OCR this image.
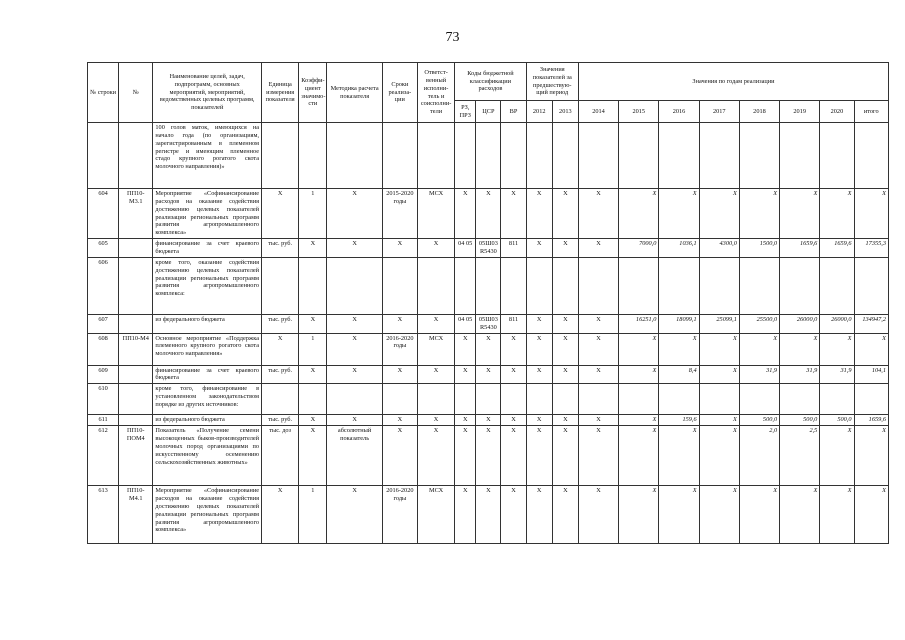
73
№ строки	№	Наименование целей, задач, подпрограмм, основных мероприятий, мероприятий, ведомственных целевых программ, показателей	Единица измерения показателя	Коэффи-циент значимо-сти	Методика расчета показателя	Сроки реализа-ции	Ответст-венный исполни-тель и соисполни-тели	Коды бюджетной классификации расходов			Значения показателей за предшествую-щий период		Значения по годам реализации							
								РЗ, ПРЗ	ЦСР	ВР	2012	2013	2014	2015	2016	2017	2018	2019	2020	итого
		100 голов маток, имеющихся на начало года (по организациям, зарегистрированным в племенном регистре и имеющим племенное стадо крупного рогатого скота молочного направления)»																		
604	ПП10-М3.1	Мероприятие «Софинансирование расходов на оказание содействия достижению целевых показателей реализации региональных программ развития агропромышленного комплекса»	X	1	X	2015-2020 годы	МСХ	X	X	X	X	X	X	X	X	X	X	X	X	X
605		финансирование за счет краевого бюджета	тыс. руб.	X	X	X	X	04 05	05Ш03 R5430	811	X	X	X	7000,0	1036,1	4300,0	1500,0	1659,6	1659,6	17355,3
606		кроме того, оказание содействия достижению целевых показателей реализации региональных программ развития агропромышленного комплекса:																		
607		из федерального бюджета	тыс. руб.	X	X	X	X	04 05	05Ш03 R5430	811	X	X	X	16251,0	18099,1	25099,1	25500,0	26000,0	26000,0	134947,2
608	ПП10-М4	Основное мероприятие «Поддержка племенного крупного рогатого скота молочного направления»	X	1	X	2016-2020 годы	МСХ	X	X	X	X	X	X	X	X	X	X	X	X	X
609		финансирование за счет краевого бюджета	тыс. руб.	X	X	X	X	X	X	X	X	X	X	X	8,4	X	31,9	31,9	31,9	104,1
610		кроме того, финансирование в установленном законодательством порядке из других источников:																		
611		из федерального бюджета	тыс. руб.	X	X	X	X	X	X	X	X	X	X	X	159,6	X	500,0	500,0	500,0	1659,6
612	ПП10-ПОМ4	Показатель «Получение семени высокоценных быков-производителей молочных пород организациями по искусственному осеменению сельскохозяйственных животных»	тыс. доз	X	абсолютный показатель	X	X	X	X	X	X	X	X	X	X	X	2,0	2,5	X	X
613	ПП10-М4.1	Мероприятие «Софинансирование расходов на оказание содействия достижению целевых показателей реализации региональных программ развития агропромышленного комплекса»	X	1	X	2016-2020 годы	МСХ	X	X	X	X	X	X	X	X	X	X	X	X	X
